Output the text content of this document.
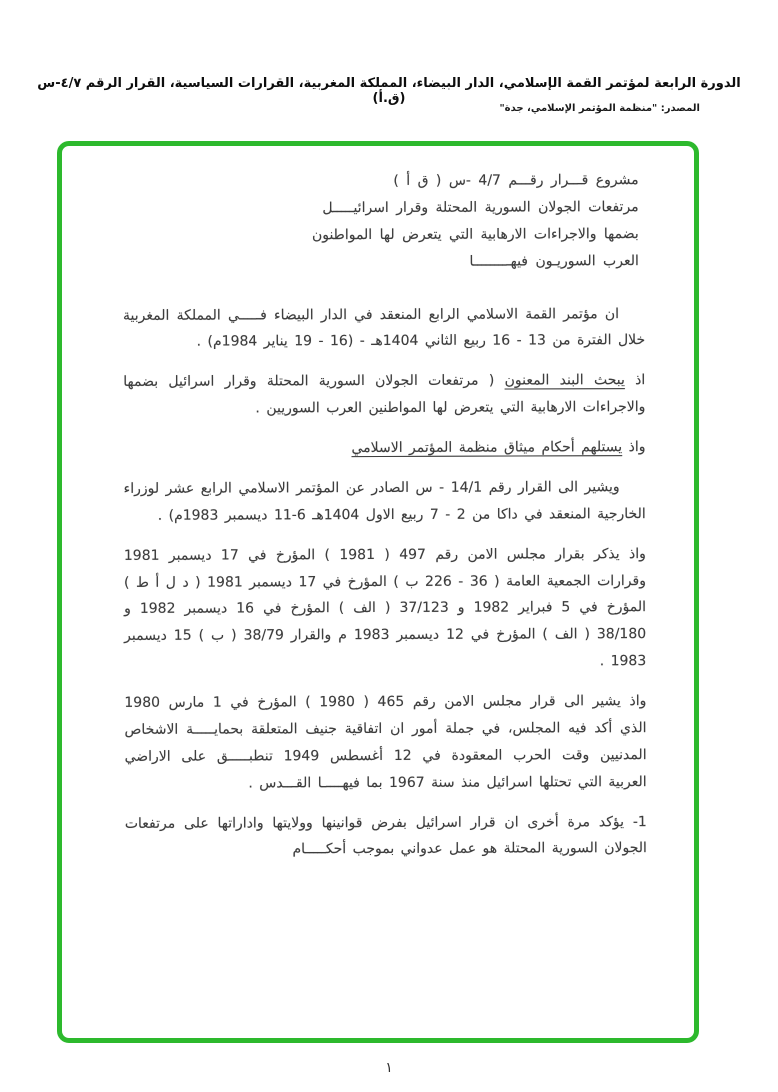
الدورة الرابعة لمؤتمر القمة الإسلامي، الدار البيضاء، المملكة المغربية، القرارات السياسية، القرار الرقم ٤/٧-س (ق.أ)
المصدر: "منظمة المؤتمر الإسلامي، جدة"
مشروع قـــرار رقـــم 4/7 -س ( ق أ )
مرتفعات الجولان السورية المحتلة وقرار اسرائيـــــل
بضمها والاجراءات الارهابية التي يتعرض لها المواطنون
العرب السوريـون فيهـــــــــا

ان مؤتمر القمة الاسلامي الرابع المنعقد في الدار البيضاء فـــــي المملكة المغربية خلال الفترة من 13 - 16 ربيع الثاني 1404هـ - (16 - 19 يناير 1984م) .

اذ يبحث البند المعنون ( مرتفعات الجولان السورية المحتلة وقرار اسرائيل بضمها والاجراءات الارهابية التي يتعرض لها المواطنين العرب السوريين .

واذ يستلهم أحكام ميثاق منظمة المؤتمر الاسلامي

ويشير الى القرار رقم 14/1 - س الصادر عن المؤتمر الاسلامي الرابع عشر لوزراء الخارجية المنعقد في داكا من 2 - 7 ربيع الاول 1404هـ 6-11 ديسمبر 1983م) .

واذ يذكر بقرار مجلس الامن رقم 497 ( 1981 ) المؤرخ في 17 ديسمبر 1981 وقرارات الجمعية العامة ( 36 - 226 ب ) المؤرخ في 17 ديسمبر 1981 ( د ل أ ط ) المؤرخ في 5 فبراير 1982 و 37/123 ( الف ) المؤرخ في 16 ديسمبر 1982 و 38/180 ( الف ) المؤرخ في 12 ديسمبر 1983 م والقرار 38/79 ( ب ) 15 ديسمبر 1983 .

واذ يشير الى قرار مجلس الامن رقم 465 ( 1980 ) المؤرخ في 1 مارس 1980 الذي أكد فيه المجلس، في جملة أمور ان اتفاقية جنيف المتعلقة بحمايـــــة الاشخاص المدنيين وقت الحرب المعقودة في 12 أغسطس 1949 تنطبـــــق على الاراضي العربية التي تحتلها اسرائيل منذ سنة 1967 بما فيهـــــا القـــدس .

1- يؤكد مرة أخرى ان قرار اسرائيل بفرض قوانينها وولايتها واداراتها على مرتفعات الجولان السورية المحتلة هو عمل عدواني بموجب أحكـــــام

١
